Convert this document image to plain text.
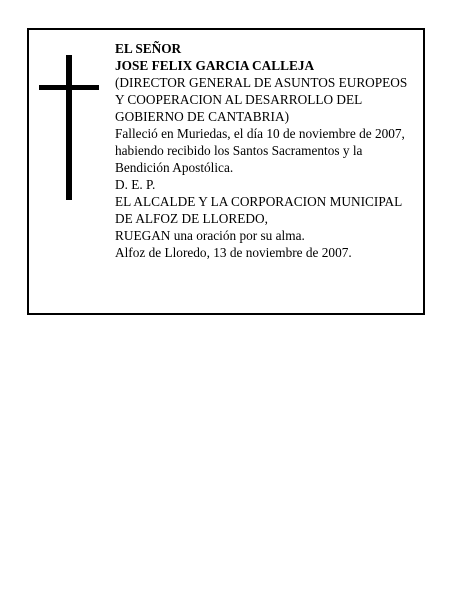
EL SEÑOR
JOSE FELIX GARCIA CALLEJA
(DIRECTOR GENERAL DE ASUNTOS EUROPEOS
Y COOPERACION AL DESARROLLO DEL
GOBIERNO DE CANTABRIA)
Falleció en Muriedas, el día 10 de noviembre de 2007,
habiendo recibido los Santos Sacramentos y la
Bendición Apostólica.
D. E. P.
EL ALCALDE Y LA CORPORACION MUNICIPAL
DE ALFOZ DE LLOREDO,
RUEGAN una oración por su alma.
Alfoz de Lloredo, 13 de noviembre de 2007.
